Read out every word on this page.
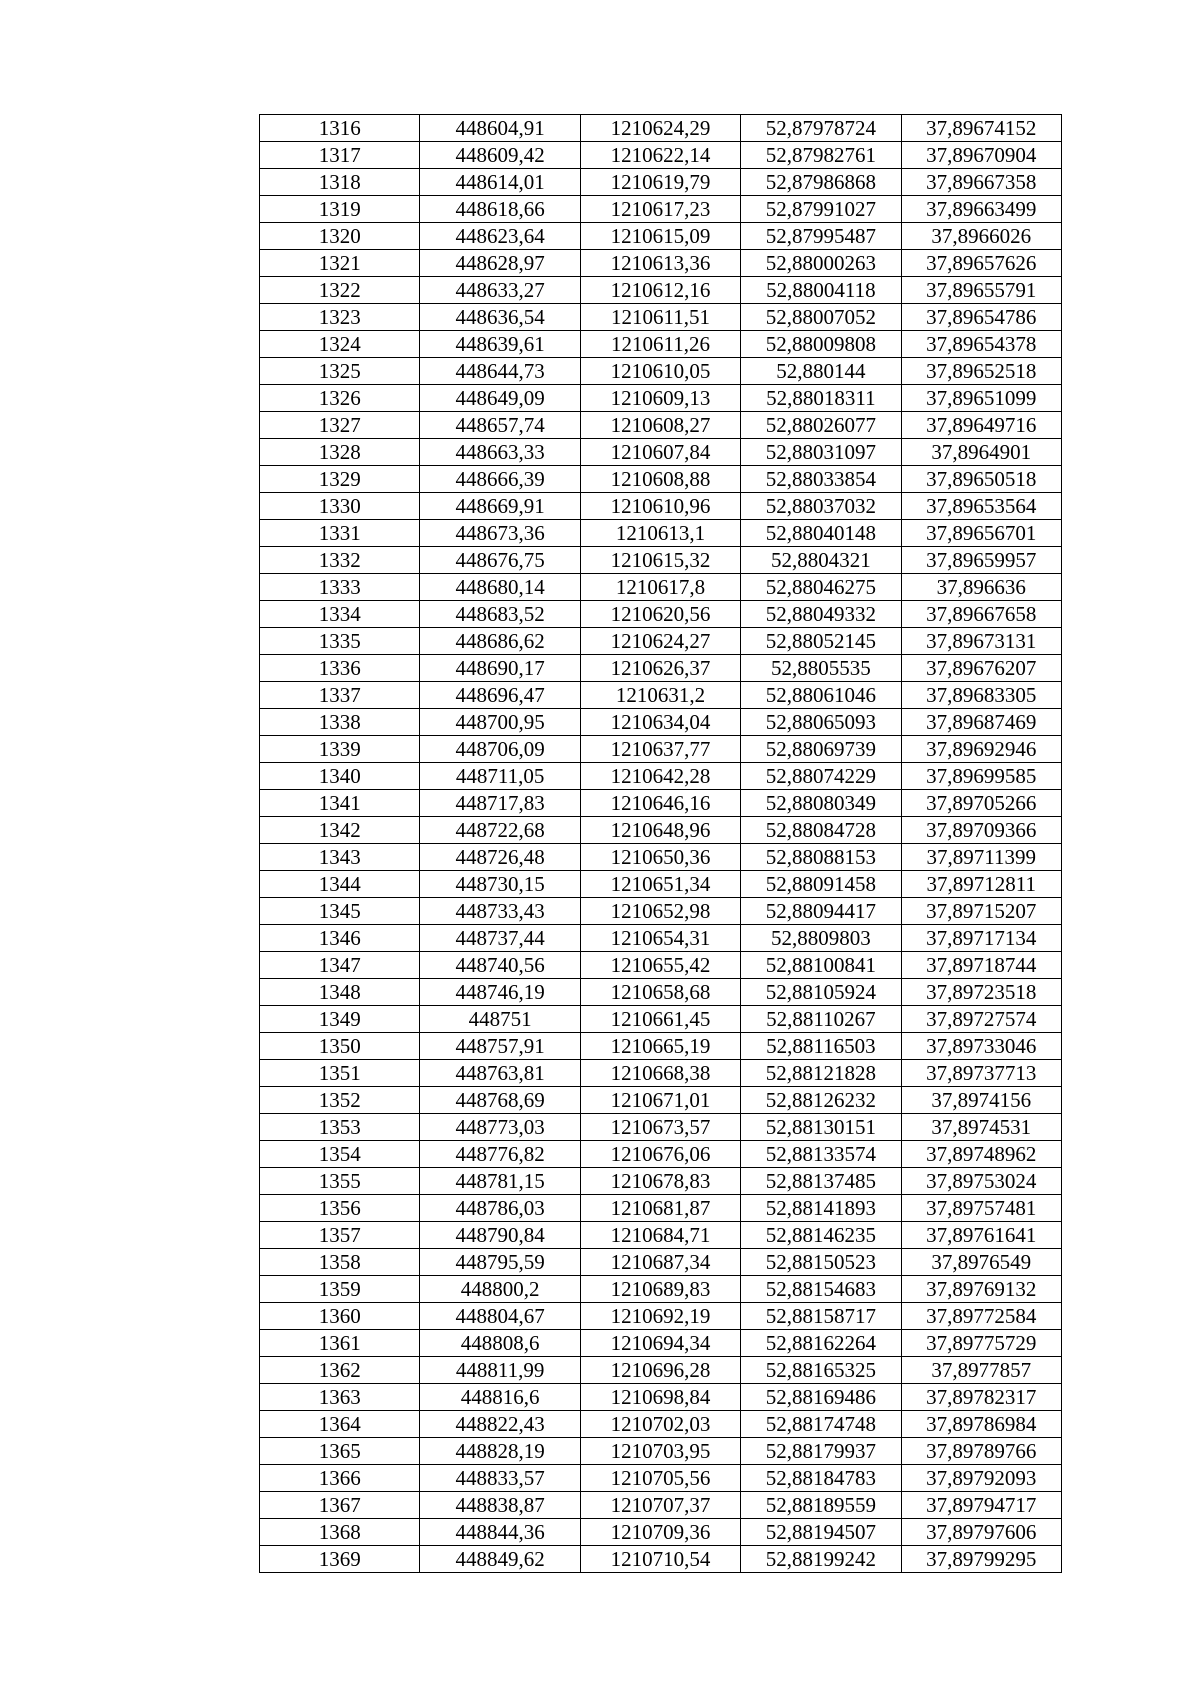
1316	448604,91	1210624,29	52,87978724	37,89674152
1317	448609,42	1210622,14	52,87982761	37,89670904
1318	448614,01	1210619,79	52,87986868	37,89667358
1319	448618,66	1210617,23	52,87991027	37,89663499
1320	448623,64	1210615,09	52,87995487	37,8966026
1321	448628,97	1210613,36	52,88000263	37,89657626
1322	448633,27	1210612,16	52,88004118	37,89655791
1323	448636,54	1210611,51	52,88007052	37,89654786
1324	448639,61	1210611,26	52,88009808	37,89654378
1325	448644,73	1210610,05	52,880144	37,89652518
1326	448649,09	1210609,13	52,88018311	37,89651099
1327	448657,74	1210608,27	52,88026077	37,89649716
1328	448663,33	1210607,84	52,88031097	37,8964901
1329	448666,39	1210608,88	52,88033854	37,89650518
1330	448669,91	1210610,96	52,88037032	37,89653564
1331	448673,36	1210613,1	52,88040148	37,89656701
1332	448676,75	1210615,32	52,8804321	37,89659957
1333	448680,14	1210617,8	52,88046275	37,896636
1334	448683,52	1210620,56	52,88049332	37,89667658
1335	448686,62	1210624,27	52,88052145	37,89673131
1336	448690,17	1210626,37	52,8805535	37,89676207
1337	448696,47	1210631,2	52,88061046	37,89683305
1338	448700,95	1210634,04	52,88065093	37,89687469
1339	448706,09	1210637,77	52,88069739	37,89692946
1340	448711,05	1210642,28	52,88074229	37,89699585
1341	448717,83	1210646,16	52,88080349	37,89705266
1342	448722,68	1210648,96	52,88084728	37,89709366
1343	448726,48	1210650,36	52,88088153	37,89711399
1344	448730,15	1210651,34	52,88091458	37,89712811
1345	448733,43	1210652,98	52,88094417	37,89715207
1346	448737,44	1210654,31	52,8809803	37,89717134
1347	448740,56	1210655,42	52,88100841	37,89718744
1348	448746,19	1210658,68	52,88105924	37,89723518
1349	448751	1210661,45	52,88110267	37,89727574
1350	448757,91	1210665,19	52,88116503	37,89733046
1351	448763,81	1210668,38	52,88121828	37,89737713
1352	448768,69	1210671,01	52,88126232	37,8974156
1353	448773,03	1210673,57	52,88130151	37,8974531
1354	448776,82	1210676,06	52,88133574	37,89748962
1355	448781,15	1210678,83	52,88137485	37,89753024
1356	448786,03	1210681,87	52,88141893	37,89757481
1357	448790,84	1210684,71	52,88146235	37,89761641
1358	448795,59	1210687,34	52,88150523	37,8976549
1359	448800,2	1210689,83	52,88154683	37,89769132
1360	448804,67	1210692,19	52,88158717	37,89772584
1361	448808,6	1210694,34	52,88162264	37,89775729
1362	448811,99	1210696,28	52,88165325	37,8977857
1363	448816,6	1210698,84	52,88169486	37,89782317
1364	448822,43	1210702,03	52,88174748	37,89786984
1365	448828,19	1210703,95	52,88179937	37,89789766
1366	448833,57	1210705,56	52,88184783	37,89792093
1367	448838,87	1210707,37	52,88189559	37,89794717
1368	448844,36	1210709,36	52,88194507	37,89797606
1369	448849,62	1210710,54	52,88199242	37,89799295
